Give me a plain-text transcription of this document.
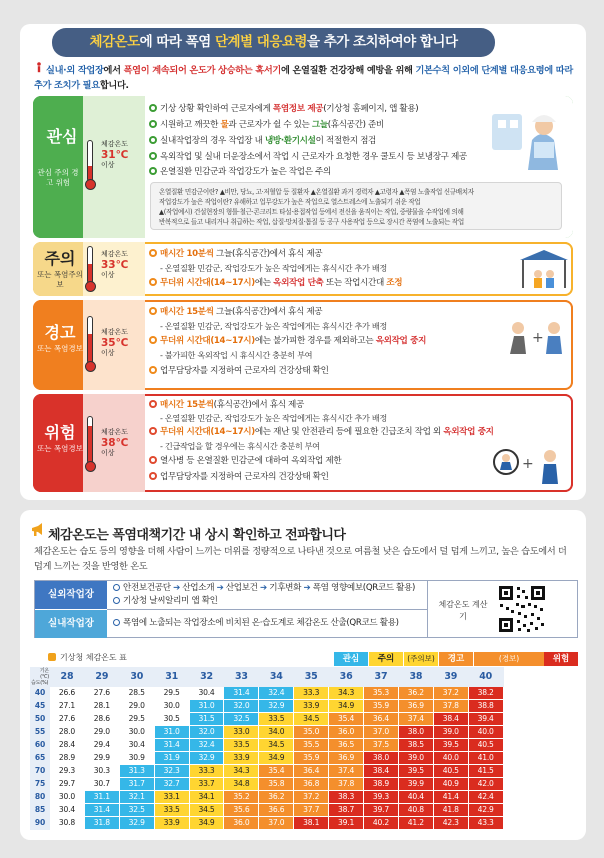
체감온도에 따라 폭염 단계별 대응요령을 추가 조치하여야 합니다
실내·외 작업장에서 폭염이 계속되어 온도가 상승하는 혹서기에 온열질환 건강장해 예방을 위해 기본수칙 이외에 단계별 대응요령에 따라 추가 조치가 필요합니다.
관심
관심 주의 경고 위험
체감온도
31℃
이상
기상 상황 확인하여 근로자에게 폭염정보 제공(기상청 홈페이지, 앱 활용)
시원하고 깨끗한 물과 근로자가 쉴 수 있는 그늘(휴식공간) 준비
실내작업장의 경우 작업장 내 냉방·환기시설이 적절한지 점검
옥외작업 및 실내 더운장소에서 작업 시 근로자가 요청한 경우 쿨토시 등 보냉장구 제공
온열질환 민감군과 작업강도가 높은 작업은 주의
온열질환 민감군이란? ▲비만, 당뇨, 고·저혈압 등 질환자 ▲온열질환 과거 경력자 ▲고령자 ▲폭염 노출작업 신규배치자
작업강도가 높은 작업이란? 유해하고 업무강도가 높은 작업으로 열스트레스에 노출되기 쉬운 작업
▲(작업예시) 건설현장의 형틀·철근·콘크리트 타설·용접작업 등에서 전신을 움직이는 작업, 중량물을 수작업에 의해
반복적으로 들고 내리거나 취급하는 작업, 삽질·망치질·톱질 등 공구 사용작업 등으로 장시간 폭염에 노출되는 작업
주의
또는 폭염주의보
체감온도
33℃
이상
매시간 10분씩 그늘(휴식공간)에서 휴식 제공
- 온열질환 민감군, 작업강도가 높은 작업에게는 휴식시간 추가 배정
무더위 시간대(14~17시)에는 옥외작업 단축 또는 작업시간대 조정
경고
또는 폭염경보
체감온도
35℃
이상
매시간 15분씩 그늘(휴식공간)에서 휴식 제공
- 온열질환 민감군, 작업강도가 높은 작업에게는 휴식시간 추가 배정
무더위 시간대(14~17시)에는 불가피한 경우를 제외하고는 옥외작업 중지
- 불가피한 옥외작업 시 휴식시간 충분히 부여
업무담당자를 지정하여 근로자의 건강상태 확인
+
위험
또는 폭염경보
체감온도
38℃
이상
매시간 15분씩(휴식공간)에서 휴식 제공
- 온열질환 민감군, 작업강도가 높은 작업에게는 휴식시간 추가 배정
무더위 시간대(14~17시)에는 재난 및 안전관리 등에 필요한 긴급조치 작업 외 옥외작업 중지
- 긴급작업을 할 경우에는 휴식시간 충분히 부여
열사병 등 온열질환 민감군에 대하여 옥외작업 제한
업무담당자를 지정하여 근로자의 건강상태 확인
+
체감온도는 폭염대책기간 내 상시 확인하고 전파합니다
체감온도는 습도 등의 영향을 더해 사람이 느끼는 더위를 정량적으로 나타낸 것으로 여름철 낮은 습도에서 덜 덥게 느끼고, 높은 습도에서 더 덥게 느끼는 것을 반영한 온도
실외작업장
실내작업장
안전보건공단 ➔ 산업소개 ➔ 산업보건 ➔ 기후변화 ➔ 폭염 영향예보(QR코드 활용)
기상청 날씨알리미 앱 확인
폭염에 노출되는 작업장소에 비치된 온·습도계로 체감온도 산출(QR코드 활용)
체감온도 계산기
기상청 체감온도 표	관심	주의	(주의보)	경고	(경보)	위험
기온(℃)
습도(%)	28	29	30	31	32	33	34	35	36	37	38	39	40
40	26.6	27.6	28.5	29.5	30.4	31.4	32.4	33.3	34.3	35.3	36.2	37.2	38.2
45	27.1	28.1	29.0	30.0	31.0	32.0	32.9	33.9	34.9	35.9	36.9	37.8	38.8
50	27.6	28.6	29.5	30.5	31.5	32.5	33.5	34.5	35.4	36.4	37.4	38.4	39.4
55	28.0	29.0	30.0	31.0	32.0	33.0	34.0	35.0	36.0	37.0	38.0	39.0	40.0
60	28.4	29.4	30.4	31.4	32.4	33.5	34.5	35.5	36.5	37.5	38.5	39.5	40.5
65	28.9	29.9	30.9	31.9	32.9	33.9	34.9	35.9	36.9	38.0	39.0	40.0	41.0
70	29.3	30.3	31.3	32.3	33.3	34.3	35.4	36.4	37.4	38.4	39.5	40.5	41.5
75	29.7	30.7	31.7	32.7	33.7	34.8	35.8	36.8	37.8	38.9	39.9	40.9	42.0
80	30.0	31.1	32.1	33.1	34.1	35.2	36.2	37.2	38.3	39.3	40.4	41.4	42.4
85	30.4	31.4	32.5	33.5	34.5	35.6	36.6	37.7	38.7	39.7	40.8	41.8	42.9
90	30.8	31.8	32.9	33.9	34.9	36.0	37.0	38.1	39.1	40.2	41.2	42.3	43.3
